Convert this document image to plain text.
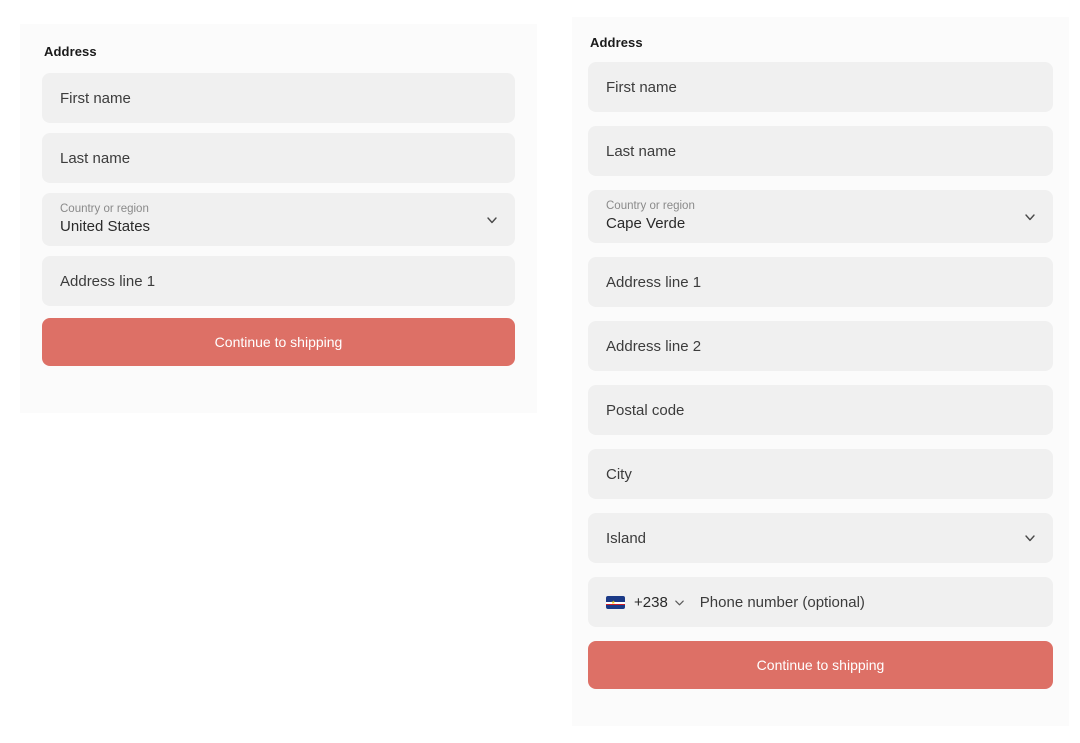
Address
First name
Last name
Country or region
United States
Address line 1
Continue to shipping
Address
First name
Last name
Country or region
Cape Verde
Address line 1
Address line 2
Postal code
City
Island
★ +238 Phone number (optional)
Continue to shipping
